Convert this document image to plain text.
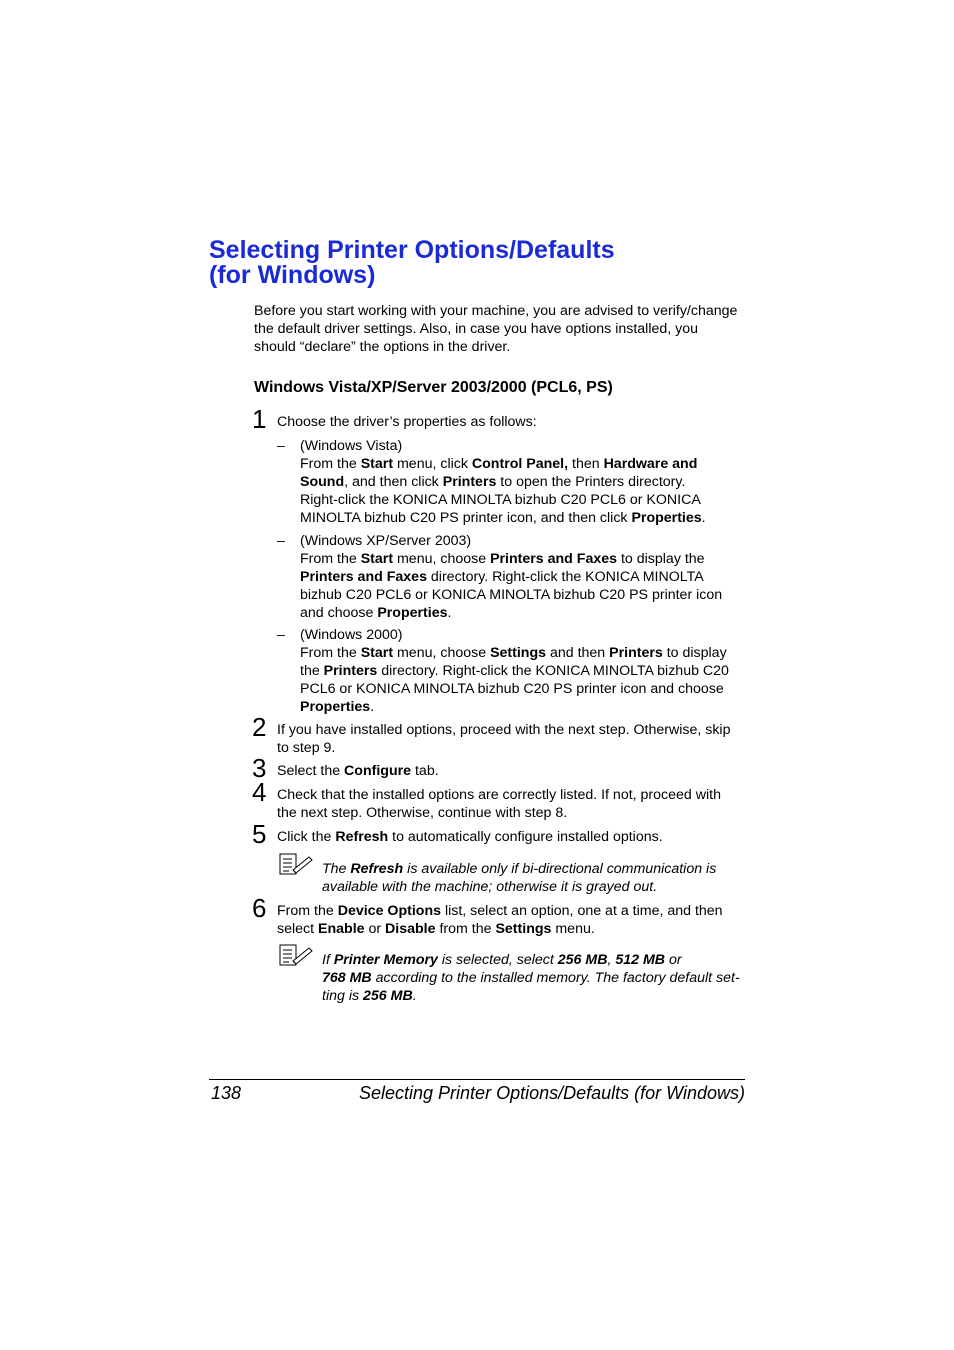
Selecting Printer Options/Defaults
(for Windows)
Before you start working with your machine, you are advised to verify/change
the default driver settings. Also, in case you have options installed, you
should “declare” the options in the driver.
Windows Vista/XP/Server 2003/2000 (PCL6, PS)
1 Choose the driver’s properties as follows:
– (Windows Vista)
From the Start menu, click Control Panel, then Hardware and
Sound, and then click Printers to open the Printers directory.
Right-click the KONICA MINOLTA bizhub C20 PCL6 or KONICA
MINOLTA bizhub C20 PS printer icon, and then click Properties.
– (Windows XP/Server 2003)
From the Start menu, choose Printers and Faxes to display the
Printers and Faxes directory. Right-click the KONICA MINOLTA
bizhub C20 PCL6 or KONICA MINOLTA bizhub C20 PS printer icon
and choose Properties.
– (Windows 2000)
From the Start menu, choose Settings and then Printers to display
the Printers directory. Right-click the KONICA MINOLTA bizhub C20
PCL6 or KONICA MINOLTA bizhub C20 PS printer icon and choose
Properties.
2 If you have installed options, proceed with the next step. Otherwise, skip
to step 9.
3 Select the Configure tab.
4 Check that the installed options are correctly listed. If not, proceed with
the next step. Otherwise, continue with step 8.
5 Click the Refresh to automatically configure installed options.
The Refresh is available only if bi-directional communication is
available with the machine; otherwise it is grayed out.
6 From the Device Options list, select an option, one at a time, and then
select Enable or Disable from the Settings menu.
If Printer Memory is selected, select 256 MB, 512 MB or
768 MB according to the installed memory. The factory default set-
ting is 256 MB.
138	Selecting Printer Options/Defaults (for Windows)
